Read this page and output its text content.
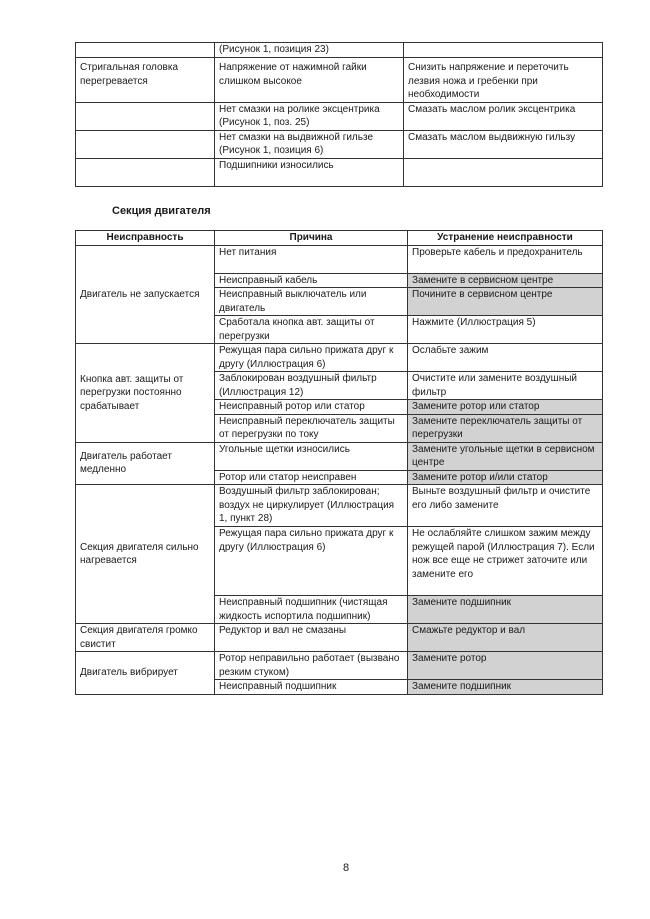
	(Рисунок 1, позиция 23)	
Стригальная головка перегревается	Напряжение от нажимной гайки слишком высокое	Снизить напряжение и переточить лезвия ножа и гребенки при необходимости
	Нет смазки на ролике эксцентрика (Рисунок 1, поз. 25)	Смазать маслом ролик эксцентрика
	Нет смазки на выдвижной гильзе (Рисунок 1, позиция 6)	Смазать маслом выдвижную гильзу
	Подшипники износились	
Секция двигателя
Неисправность	Причина	Устранение неисправности
Двигатель не запускается	Нет питания	Проверьте кабель и предохранитель
	Неисправный кабель	Замените в сервисном центре
	Неисправный выключатель или двигатель	Почините в сервисном центре
	Сработала кнопка авт. защиты от перегрузки	Нажмите (Иллюстрация 5)
Кнопка авт. защиты от перегрузки постоянно срабатывает	Режущая пара сильно прижата друг к другу (Иллюстрация 6)	Ослабьте зажим
	Заблокирован воздушный фильтр (Иллюстрация 12)	Очистите или замените воздушный фильтр
	Неисправный ротор или статор	Замените ротор или статор
	Неисправный переключатель защиты от перегрузки по току	Замените переключатель защиты от перегрузки
Двигатель работает медленно	Угольные щетки износились	Замените угольные щетки в сервисном центре
	Ротор или статор неисправен	Замените ротор и/или статор
Секция двигателя сильно нагревается	Воздушный фильтр заблокирован; воздух не циркулирует (Иллюстрация 1, пункт 28)	Выньте воздушный фильтр и очистите его либо замените
	Режущая пара сильно прижата друг к другу (Иллюстрация 6)	Не ослабляйте слишком зажим между режущей парой (Иллюстрация 7). Если нож все еще не стрижет заточите или замените его
	Неисправный подшипник (чистящая жидкость испортила подшипник)	Замените подшипник
Секция двигателя громко свистит	Редуктор и вал не смазаны	Смажьте редуктор и вал
Двигатель вибрирует	Ротор неправильно работает (вызвано резким стуком)	Замените ротор
	Неисправный подшипник	Замените подшипник
8
